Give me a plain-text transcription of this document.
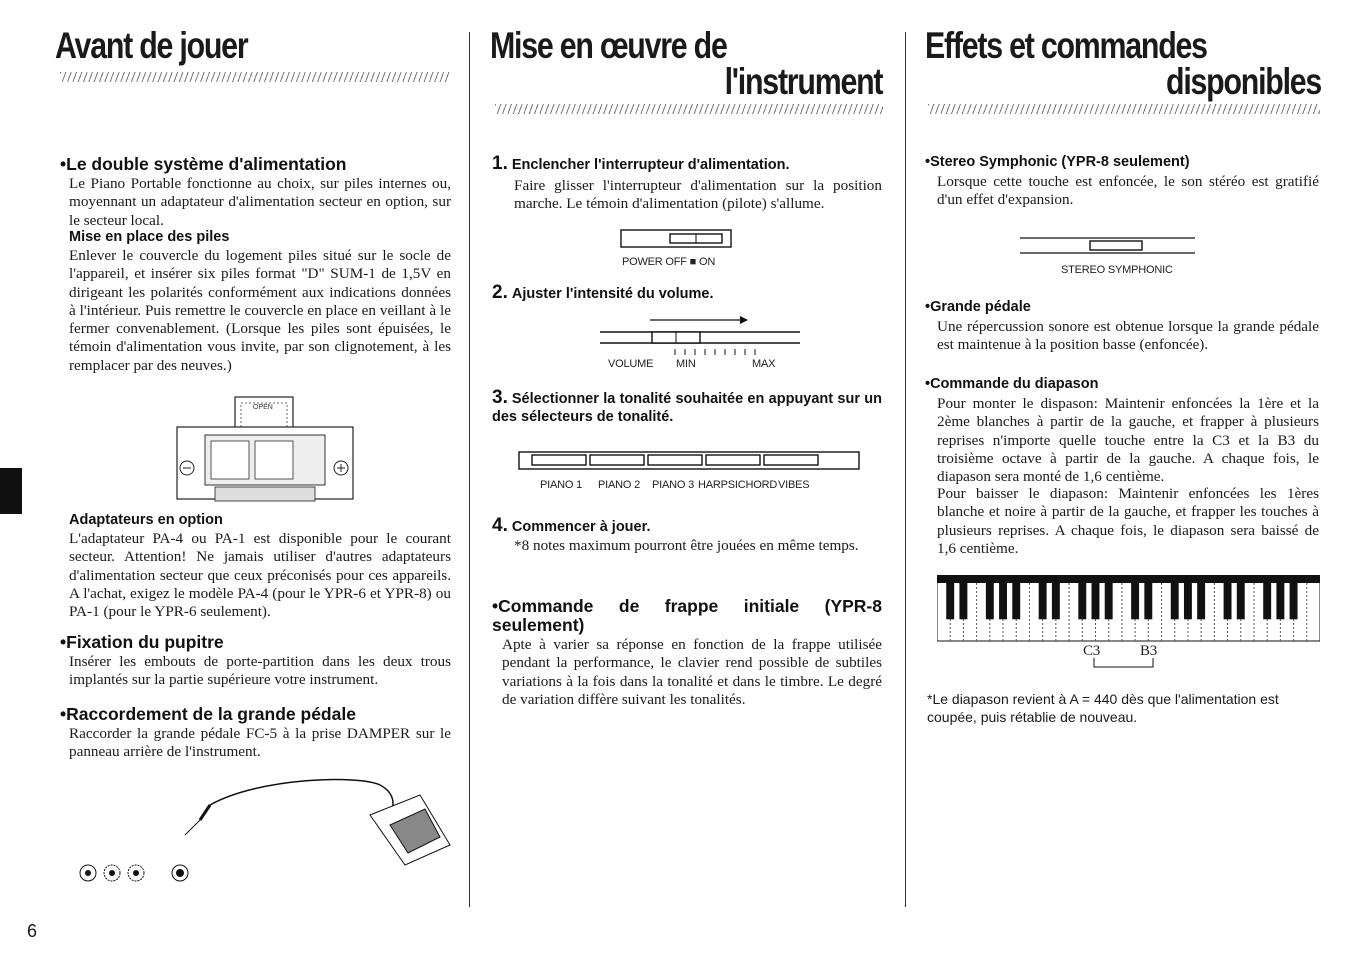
Avant de jouer
•Le double système d'alimentation

Le Piano Portable fonctionne au choix, sur piles internes ou, moyennant un adaptateur d'alimentation secteur en option, sur le secteur local.

Mise en place des piles

Enlever le couvercle du logement piles situé sur le socle de l'appareil, et insérer six piles format "D" SUM-1 de 1,5V en dirigeant les polarités conformément aux indications données à l'intérieur. Puis remettre le couvercle en place en veillant à le fermer convenablement. (Lorsque les piles sont épuisées, le témoin d'alimentation vous invite, par son clignotement, à les remplacer par des neuves.)

OPEN
Adaptateurs en option

L'adaptateur PA-4 ou PA-1 est disponible pour le courant secteur. Attention! Ne jamais utiliser d'autres adaptateurs d'alimentation secteur que ceux préconisés pour ces appareils. A l'achat, exigez le modèle PA-4 (pour le YPR-6 et YPR-8) ou PA-1 (pour le YPR-6 seulement).

•Fixation du pupitre

Insérer les embouts de porte-partition dans les deux trous implantés sur la partie supérieure votre instrument.

•Raccordement de la grande pédale

Raccorder la grande pédale FC-5 à la prise DAMPER sur le panneau arrière de l'instrument.

Mise en œuvre de
l'instrument
1. Enclencher l'interrupteur d'alimentation.

Faire glisser l'interrupteur d'alimentation sur la position marche. Le témoin d'alimentation (pilote) s'allume.

POWER OFF ■ ON
2. Ajuster l'intensité du volume.
VOLUME MIN	MAX
3. Sélectionner la tonalité souhaitée en appuyant sur un des sélecteurs de tonalité.
PIANO 1 PIANO 2 PIANO 3 HARPSICHORD VIBES
4. Commencer à jouer.

*8 notes maximum pourront être jouées en même temps.

•Commande de frappe initiale (YPR-8 seulement)

Apte à varier sa réponse en fonction de la frappe utilisée pendant la performance, le clavier rend possible de subtiles variations à la fois dans la tonalité et dans le timbre. Le degré de variation diffère suivant les tonalités.

Effets et commandes
disponibles
•Stereo Symphonic (YPR-8 seulement)

Lorsque cette touche est enfoncée, le son stéréo est gratifié d'un effet d'expansion.

STEREO SYMPHONIC
•Grande pédale

Une répercussion sonore est obtenue lorsque la grande pédale est maintenue à la position basse (enfoncée).

•Commande du diapason

Pour monter le dispason: Maintenir enfoncées la 1ère et la 2ème blanches à partir de la gauche, et frapper à plusieurs reprises n'importe quelle touche entre la C3 et la B3 du troisième octave à partir de la gauche. A chaque fois, le diapason sera monté de 1,6 centième.

Pour baisser le diapason: Maintenir enfoncées les 1ères blanche et noire à partir de la gauche, et frapper les touches à plusieurs reprises. A chaque fois, le diapason sera baissé de 1,6 centième.

C3	B3

*Le diapason revient à A = 440 dès que l'alimentation est coupée, puis rétablie de nouveau.

6
